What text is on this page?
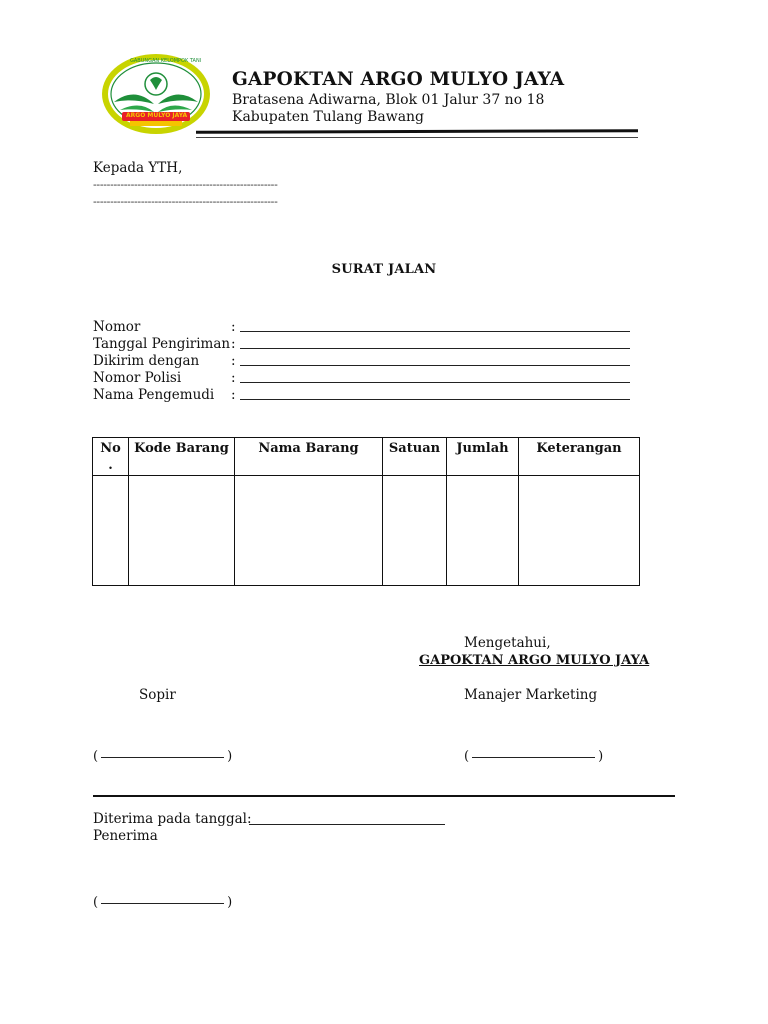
GABUNGAN KELOMPOK TANI
ARGO MULYO JAYA
GAPOKTAN ARGO MULYO JAYA
Bratasena Adiwarna, Blok 01 Jalur 37 no 18
Kabupaten Tulang Bawang
Kepada YTH,
------------------------------------------------------
------------------------------------------------------
SURAT JALAN
Nomor	:
Tanggal Pengiriman :
Dikirim dengan :
Nomor Polisi	:
Nama Pengemudi :
No
.	Kode Barang	Nama Barang	Satuan	Jumlah	Keterangan

Mengetahui,
GAPOKTAN ARGO MULYO JAYA
Sopir	Manajer Marketing
(	)	(	)
Diterima pada tanggal:
Penerima
(	)
